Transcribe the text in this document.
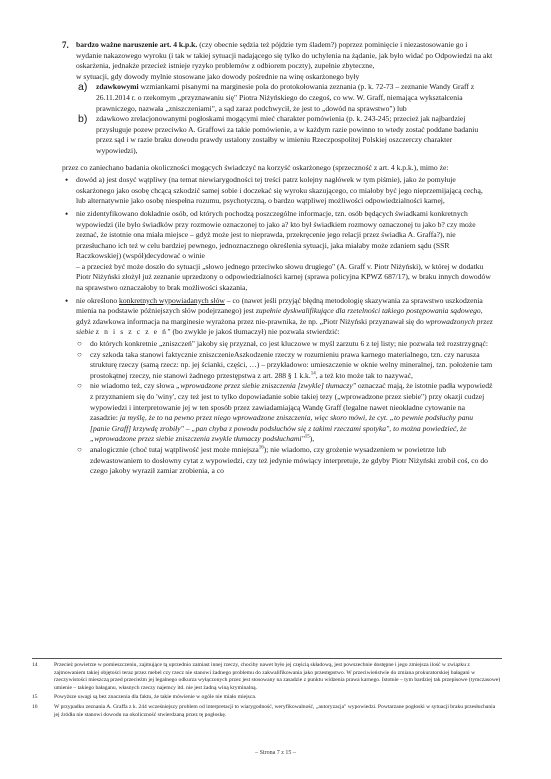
7. bardzo ważne naruszenie art. 4 k.p.k. (czy obecnie sędzia też pójdzie tym śladem?) poprzez pominięcie i niezastosowanie go i wydanie nakazowego wyroku (i tak w takiej sytuacji nadającego się tylko do uchylenia na żądanie, jak było widać po Odpowiedzi na akt oskarżenia, jednakże przecież istnieje ryzyko problemów z odbiorem poczty), zupełnie zbyteczne,

w sytuacji, gdy dowody mylnie stosowane jako dowody pośrednie na winę oskarżonego były

a) zdawkowymi wzmiankami pisanymi na marginesie pola do protokołowania zeznania (p. k. 72-73 – zeznanie Wandy Graff z 26.11.2014 r. o rzekomym „przyznawaniu się" Piotra Niżyńskiego do czegoś, co ww. W. Graff, niemająca wykształcenia prawniczego, nazwała „zniszczeniami", a sąd zaraz podchwycił, że jest to „dowód na sprawstwo") lub
b) zdawkowo zrelacjonowanymi pogłoskami mogącymi mieć charakter pomówienia (p. k. 243-245; przecież jak najbardziej przysługuje pozew przeciwko A. Graffowi za takie pomówienie, a w każdym razie powinno to wtedy zostać poddane badaniu przez sąd i w razie braku dowodu prawdy ustalony zostałby w imieniu Rzeczpospolitej Polskiej oszczerczy charakter wypowiedzi),

przez co zaniechano badania okoliczności mogących świadczyć na korzyść oskarżonego (sprzeczność z art. 4 k.p.k.), mimo że:

• dowód a) jest dosyć wątpliwy (na temat niewiarygodności tej treści patrz kolejny nagłówek w tym piśmie), jako że pomyłuje oskarżonego jako osobę chcącą szkodzić samej sobie i doczekać się wyroku skazującego, co miałoby być jego nieprzemijającą cechą, lub alternatywnie jako osobę niespełna rozumu, psychotyczną, o bardzo wątpliwej możliwości odpowiedzialności karnej,
• nie zidentyfikowano dokładnie osób, od których pochodzą poszczególne informacje, tzn. osób będących świadkami konkretnych wypowiedzi (ile było świadków przy rozmowie oznaczonej to jako a? kto był świadkiem rozmowy oznaczonej tu jako b? czy może zeznać, że istotnie ona miała miejsce – gdyż może jest to nieprawda, przekręcenie jego relacji przez świadka A. Graffa?), nie przesłuchano ich też w celu bardziej pewnego, jednoznacznego określenia sytuacji, jaka miałaby może zdaniem sądu (SSR Raczkowskiej) (współ)decydować o winie

– a przecież być może doszło do sytuacji „słowo jednego przeciwko słowu drugiego" (A. Graff v. Piotr Niżyński), w której w dodatku Piotr Niżyński złożył już zeznanie uprzedzony o odpowiedzialności karnej (sprawa policyjna KPWZ 687/17), w braku innych dowodów na sprawstwo oznaczałoby to brak możliwości skazania,

• nie określono konkretnych wypowiadanych słów – co (nawet jeśli przyjąć błędną metodologię skazywania za sprawstwo uszkodzenia mienia na podstawie późniejszych słów podejrzanego) jest zupełnie dyskwalifikujące dla rzetelności takiego postępowania sądowego, gdyż zdawkowa informacja na marginesie wyrażona przez nie-prawnika, że np. „Piotr Niżyński przyznawał się do wprowadzonych przez siebie z n i s z c z e ń" (bo zwykle je jakoś tłumaczył) nie pozwala stwierdzić:
○ do których konkretnie „zniszczeń" jakoby się przyznał, co jest kluczowe w myśl zarzutu 6 z tej listy; nie pozwala też rozstrzygnąć:
○ czy szkoda taka stanowi faktycznie zniszczenieAszkodzenie rzeczy w rozumieniu prawa karnego materialnego, tzn. czy narusza strukturę rzeczy (samą rzecz: np. jej ścianki, części, …) – przykładowo: umieszczenie w oknie welny mineralnej, tzn. położenie tam prostokątnej rzeczy, nie stanowi żadnego przestępstwa z art. 288 § 1 k.k.$^{14}$, a też kto może tak to nazywać,
○ nie wiadomo też, czy słowa „wprowadzone przez siebie zniszczenia [zwykle] tłumaczy" oznaczać mają, że istotnie padła wypowiedź z przyznaniem się do 'winy', czy też jest to tylko dopowiadanie sobie takiej tezy („wprowadzone przez siebie") przy okazji cudzej wypowiedzi i interpretowanie jej w ten sposób przez zawiadamiającą Wandę Graff (legalne nawet nieokładne cytowanie na zasadzie: ja myślę, że to na pewno przez niego wprowadzone zniszczenia, więc skoro mówi, że cyt. „to pewnie podsłuchy panu [panie Graff] krzywdę zrobiły" – „pan chyba z powodu podsłuchów się z takimi rzeczami spotyka", to można powiedzieć, że „wprowadzone przez siebie zniszczenia zwykle tłumaczy podsłuchami"$^{15}$),
○ analogicznie (choć tutaj wątpliwość jest może mniejsza$^{16}$); nie wiadomo, czy grożenie wysadzeniem w powietrze lub zdewastowaniem to dosłowny cytat z wypowiedzi, czy też jedynie mówiący interpretuje, że gdyby Piotr Niżyński zrobił coś, co do czego jakoby wyraził zamiar zrobienia, a co
14	Przecież powietrze w pomieszczeniu, zajmujące tą uprzednio zamiast innej rzeczy, chociby nawet było jej częścią składową, jest powszechnie dostępne i jego zmiejsza ilość w związku z zajmowaniem takiej objętości teraz przez mebel czy rzecz nie stanowi żadnego problemu do zakwalifikowania jako przestępstwo. W przeciwieństwie do zmiana prokuratorskiej bałagani w rzeczywistości mieszczą przed przecieżm jej legalnego odkurza wyłączonych przez jest stosowany na zasadzie z punktu widzenia prawa karnego. Istotnie – tym bardziej tak przepisowe (tymczasowe) umienie – takiego bałaganu, własnych rzeczy najemcy itd. nie jest żadną winą kryminalną.
15	Powyższe uwagi są bez znaczenia dla faktu, że takie mówienie w ogóle nie miało miejsca.
16	W przypadku zeznania A. Graffa z k. 244 wcześniejszy problem od interpretacji to wiarygodność, weryfikowalność, „autoryzacja" wypowiedzi. Powtarzane pogłoski w sytuacji braku przesłuchania jej źródła nie stanowi dowodu na okoliczność stwierdzaną przez tę pogłoskę.
– Strona 7 z 15 –
